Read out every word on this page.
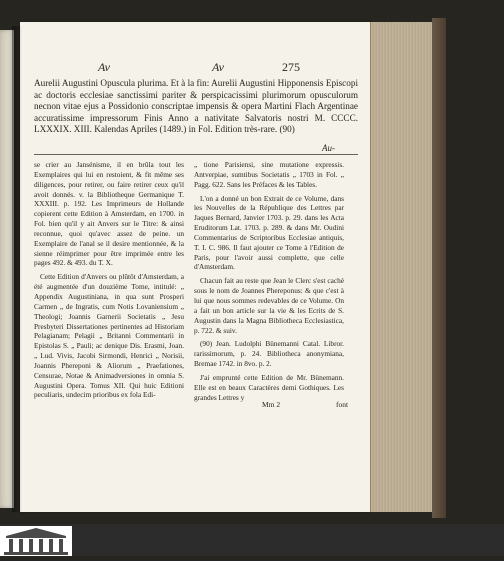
Av	Av	275

Aurelii Augustini Opuscula plurima. Et à la fin: Aurelii Augustini Hipponensis Episcopi ac doctoris ecclesiae sanctissimi pariter & perspicacissimi plurimorum opusculorum necnon vitae ejus a Possidonio conscriptae impensis & opera Martini Flach Argentinae accuratissime impressorum Finis Anno a nativitate Salvatoris nostri M. CCCC. LXXXIX. XIII. Kalendas Apriles (1489.) in Fol. Edition très-rare. (90)

Au-

se crier au Jansénisme, il en brûla tout les Exemplaires qui lui en restoient, & fit même ses diligences, pour retirer, ou faire retirer ceux qu'il avoit donnés. v. la Bibliotheque Germanique T. XXXIII. p. 192. Les Imprimeurs de Hollande copierent cette Edition à Amsterdam, en 1700. in Fol. bien qu'il y ait Anvers sur le Titre: & ainsi reconnue, quoi qu'avec assez de peine. un Exemplaire de l'anal se il desire mentionnée, & la sienne réimprimer pour être imprimée entre les pages 492. & 493. du T. X.

Cette Edition d'Anvers ou plûtôt d'Amsterdam, a été augmentée d'un douzième Tome, intitulé: „ Appendix Augustiniana, in qua sunt Prosperi Carmen „ de Ingratis, cum Notis Lovaniensium „ Theologi; Joannis Garnerii Societatis „ Jesu Presbyteri Dissertationes pertinentes ad Historiam Pelagianam; Pelagii „ Britanni Commentarii in Epistolas S. „ Pauli; ac denique Dis. Erasmi, Joan. „ Lud. Vivis, Jacobi Sirmondi, Henrici „ Norisii, Joannis Phereponi & Aliorum „ Praefationes, Censurae, Notae & Animadversiones in omnia S. Augustini Opera. Tomus XII. Qui huic Editioni peculiaris, undecim prioribus ex fola Edi-

„ tione Parisiensi, sine mutatione expressis. Antverpiae, sumtibus Societatis „ 1703 in Fol. „ Pagg. 622. Sans les Préfaces & les Tables.

L'on a donné un bon Extrait de ce Volume, dans les Nouvelles de la République des Lettres par Jaques Bernard, Janvier 1703. p. 29. dans les Acta Eruditorum Lat. 1703. p. 289. & dans Mr. Oudini Commentarius de Scriptoribus Ecclesiae antiquis, T. I. C. 986. Il faut ajouter ce Tome à l'Edition de Paris, pour l'avoir aussi complette, que celle d'Amsterdam.

Chacun fait au reste que Jean le Clerc s'est caché sous le nom de Joannes Phereponus: & que c'est à lui que nous sommes redevables de ce Volume. On a fait un bon article sur la vie & les Ecrits de S. Augustin dans la Magna Bibliotheca Ecclesiastica, p. 722. & suiv.

(90) Jean. Ludolphi Bünemanni Catal. Libror. rarissimorum, p. 24. Bibliotheca anonymiana, Bremae 1742. in 8vo. p. 2.

J'ai emprunté cette Edition de Mr. Bünemann. Elle est en beaux Caractères demi Gothiques. Les grandes Lettres y

Mm 2	font
